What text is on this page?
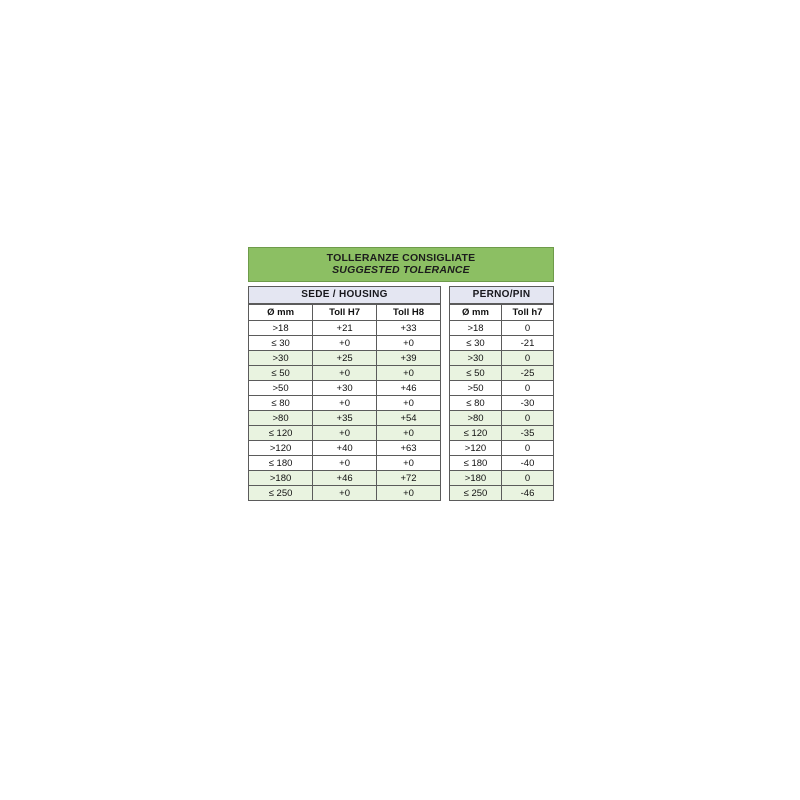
TOLLERANZE CONSIGLIATE
SUGGESTED TOLERANCE
SEDE / HOUSING
Ø mm	Toll H7	Toll H8
>18	+21	+33
≤ 30	+0	+0
>30	+25	+39
≤ 50	+0	+0
>50	+30	+46
≤ 80	+0	+0
>80	+35	+54
≤ 120	+0	+0
>120	+40	+63
≤ 180	+0	+0
>180	+46	+72
≤ 250	+0	+0
PERNO/PIN
Ø mm	Toll h7
>18	0
≤ 30	-21
>30	0
≤ 50	-25
>50	0
≤ 80	-30
>80	0
≤ 120	-35
>120	0
≤ 180	-40
>180	0
≤ 250	-46
